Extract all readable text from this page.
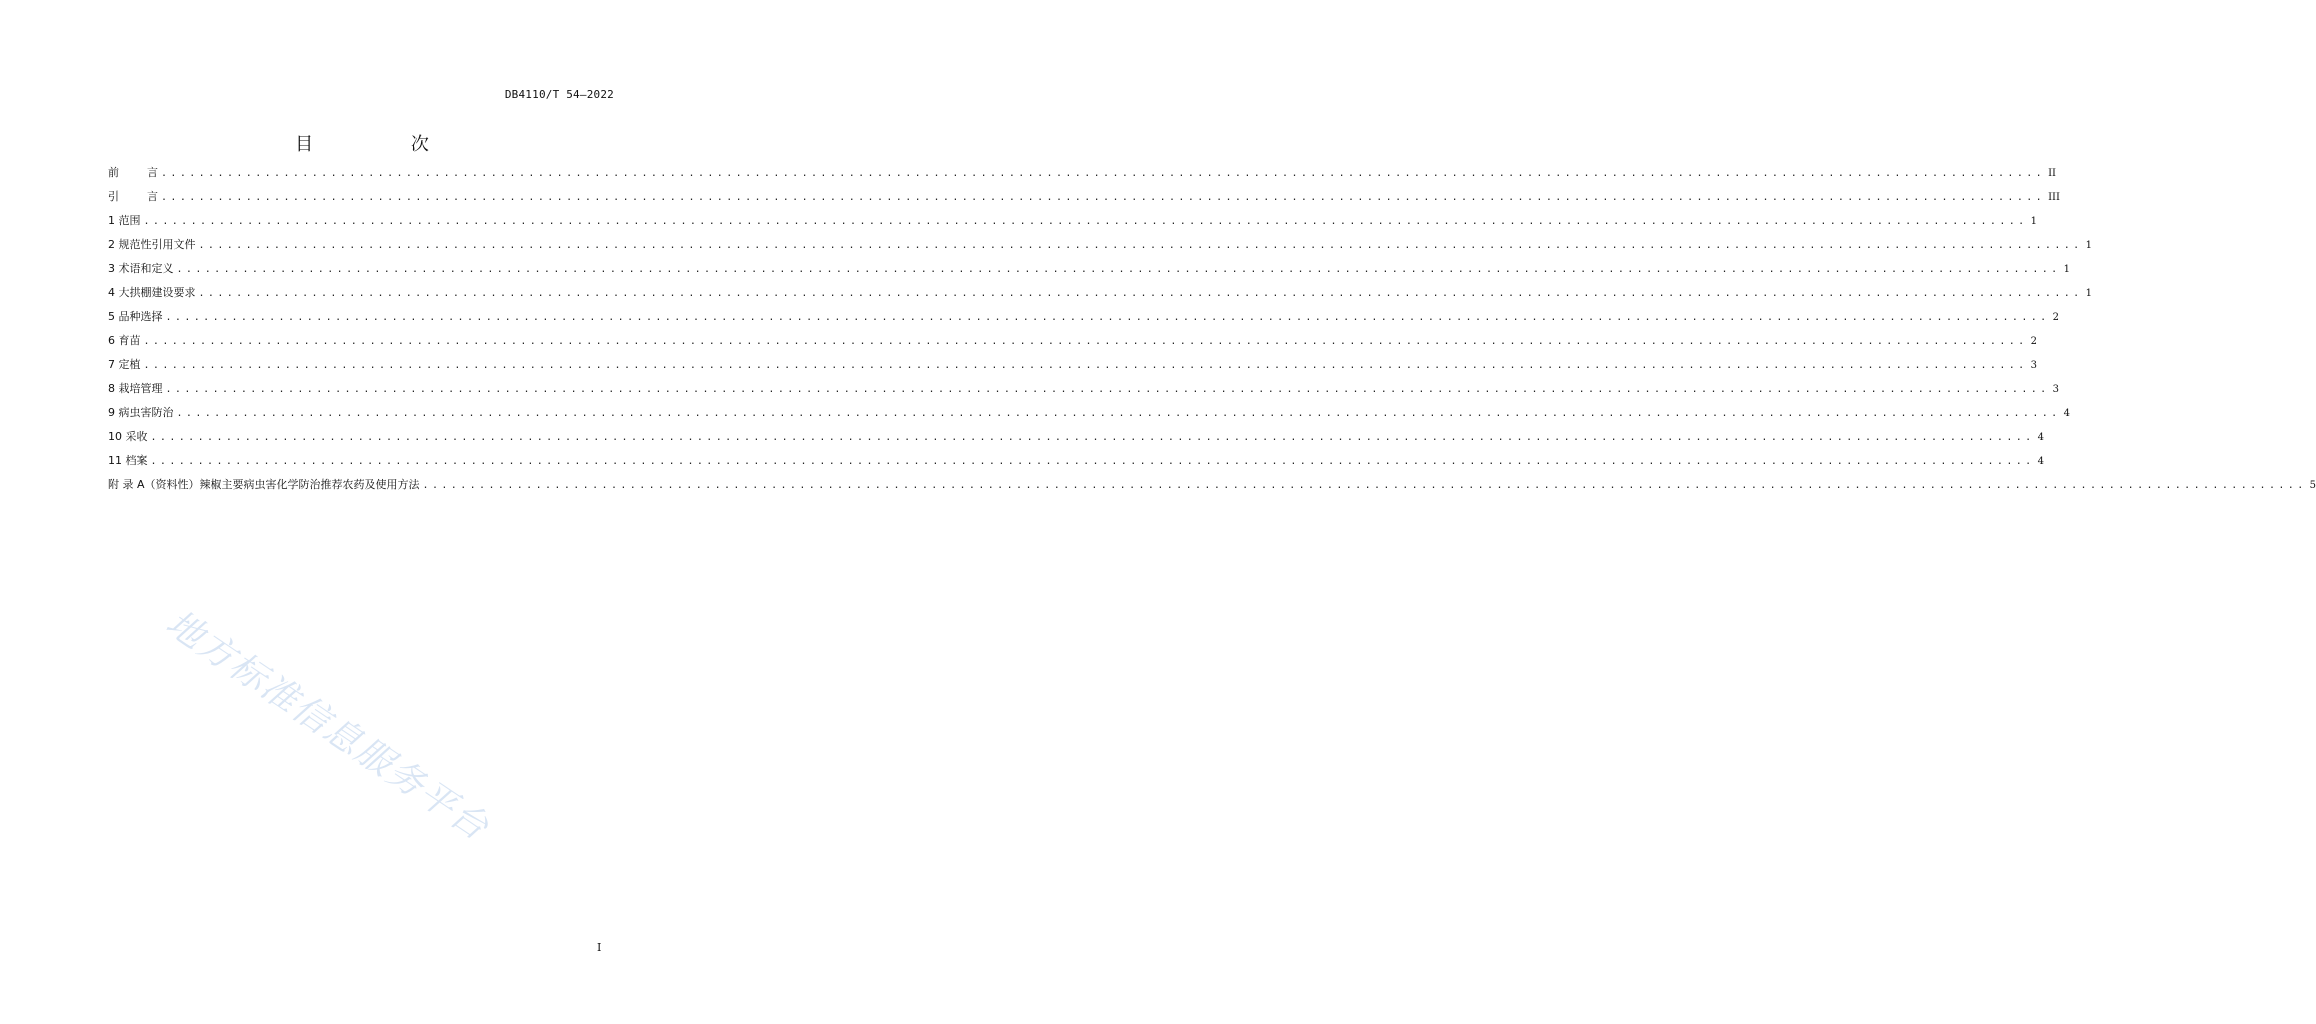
DB4110/T 54—2022
目 次
前	言 ........................................................................................................................................................................................................ II
引	言 ........................................................................................................................................................................................................ III
1 范围 ........................................................................................................................................................................................................ 1
2 规范性引用文件 ........................................................................................................................................................................................................ 1
3 术语和定义 ........................................................................................................................................................................................................ 1
4 大拱棚建设要求 ........................................................................................................................................................................................................ 1
5 品种选择 ........................................................................................................................................................................................................ 2
6 育苗 ........................................................................................................................................................................................................ 2
7 定植 ........................................................................................................................................................................................................ 3
8 栽培管理 ........................................................................................................................................................................................................ 3
9 病虫害防治 ........................................................................................................................................................................................................ 4
10 采收 ........................................................................................................................................................................................................ 4
11 档案 ........................................................................................................................................................................................................ 4
附 录 A（资料性）辣椒主要病虫害化学防治推荐农药及使用方法 ........................................................................................................................................................................................................ 5
地方标准信息服务平台
I
